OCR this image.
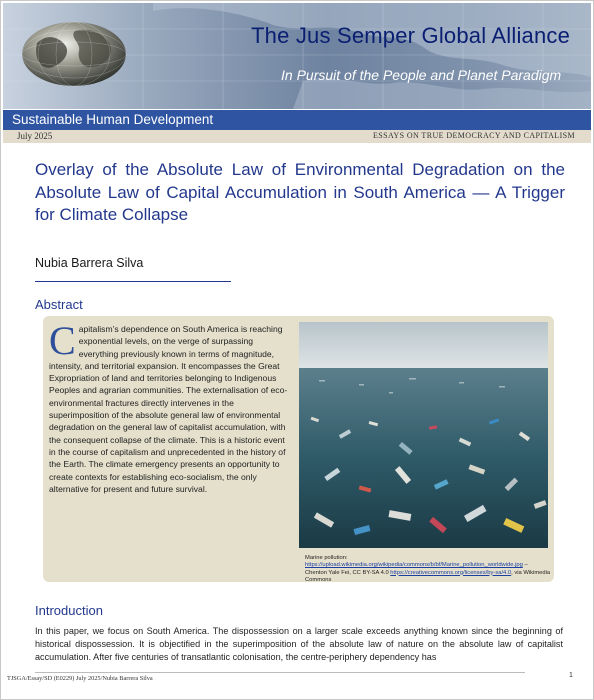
The Jus Semper Global Alliance
In Pursuit of the People and Planet Paradigm
Sustainable Human Development
July 2025	ESSAYS ON TRUE DEMOCRACY AND CAPITALISM
Overlay of the Absolute Law of Environmental Degradation on the Absolute Law of Capital Accumulation in South America — A Trigger for Climate Collapse
Nubia Barrera Silva
Abstract

Capitalism’s dependence on South America is reaching exponential levels, on the verge of surpassing everything previously known in terms of magnitude, intensity, and territorial expansion. It encompasses the Great Expropriation of land and territories belonging to Indigenous Peoples and agrarian communities. The externalisation of eco-environmental fractures directly intervenes in the superimposition of the absolute general law of environmental degradation on the general law of capitalist accumulation, with the consequent collapse of the climate. This is a historic event in the course of capitalism and unprecedented in the history of the Earth. The climate emergency presents an opportunity to create contexts for establishing eco-socialism, the only alternative for present and future survival.

Marine pollution: https://upload.wikimedia.org/wikipedia/commons/b/bf/Marine_pollution_worldwide.jpg – Chenton Yale Fei, CC BY-SA 4.0 https://creativecommons.org/licenses/by-sa/4.0, via Wikimedia Commons

Introduction

In this paper, we focus on South America. The dispossession on a larger scale exceeds anything known since the beginning of historical dispossession. It is objectified in the superimposition of the absolute law of nature on the absolute law of capitalist accumulation. After five centuries of transatlantic colonisation, the centre-periphery dependency has

TJSGA/Essay/SD (E0229) July 2025/Nubia Barrera Silva	1
